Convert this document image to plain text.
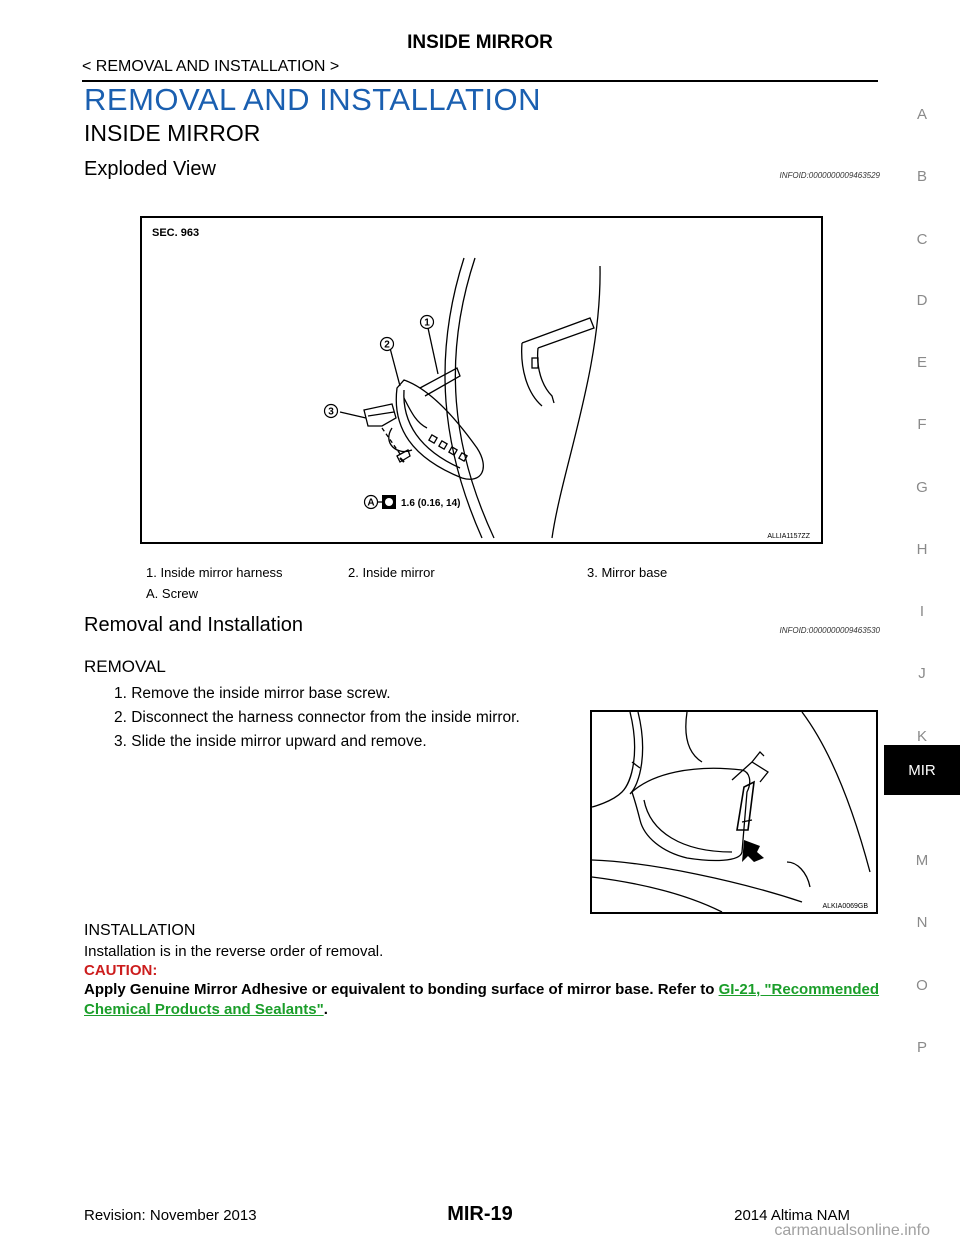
INSIDE MIRROR
< REMOVAL AND INSTALLATION >
REMOVAL AND INSTALLATION
INSIDE MIRROR
Exploded View	INFOID:0000000009463529
1
2
3
A	1.6 (0.16, 14)
SEC. 963
ALLIA1157ZZ
1. Inside mirror harness	2. Inside mirror	3. Mirror base
A. Screw
Removal and Installation	INFOID:0000000009463530
REMOVAL
1. Remove the inside mirror base screw.
2. Disconnect the harness connector from the inside mirror.
3. Slide the inside mirror upward and remove.
ALKIA0069GB
INSTALLATION
Installation is in the reverse order of removal.
CAUTION:
Apply Genuine Mirror Adhesive or equivalent to bonding surface of mirror base. Refer to GI-21, "Recommended Chemical Products and Sealants".
A
B
C
D
E
F
G
H
I
J
K
MIR
M
N
O
P
Revision: November 2013	MIR-19	2014 Altima NAM
carmanualsonline.info
